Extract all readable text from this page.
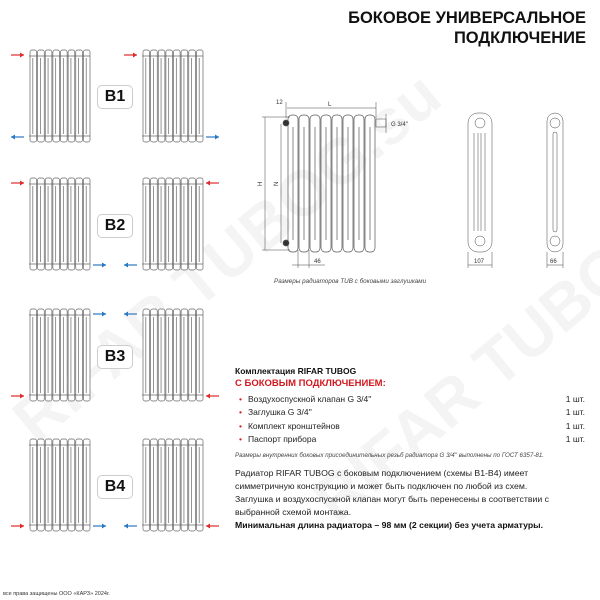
БОКОВОЕ УНИВЕРСАЛЬНОЕ
ПОДКЛЮЧЕНИЕ
В1
В2
В3
В4
12	L
H N
46
G 3/4''
107	66
Размеры радиаторов TUB с боковыми заглушками
Комплектация RIFAR TUBOG
С БОКОВЫМ ПОДКЛЮЧЕНИЕМ:
• Воздухоспускной клапан G 3/4''	1 шт.
• Заглушка G 3/4''	1 шт.
• Комплект кронштейнов	1 шт.
• Паспорт прибора	1 шт.
Размеры внутренних боковых присоединительных резьб радиатора G 3/4'' выполнены по ГОСТ 6357-81.
Радиатор RIFAR TUBOG с боковым подключением (схемы В1-В4) имеет симметричную конструкцию и может быть подключен по любой из схем.
Заглушка и воздухоспускной клапан могут быть перенесены в соответствии с выбранной схемой монтажа.
Минимальная длина радиатора – 98 мм (2 секции) без учета арматуры.
все права защищены ООО «КАРЗ» 2024г.
